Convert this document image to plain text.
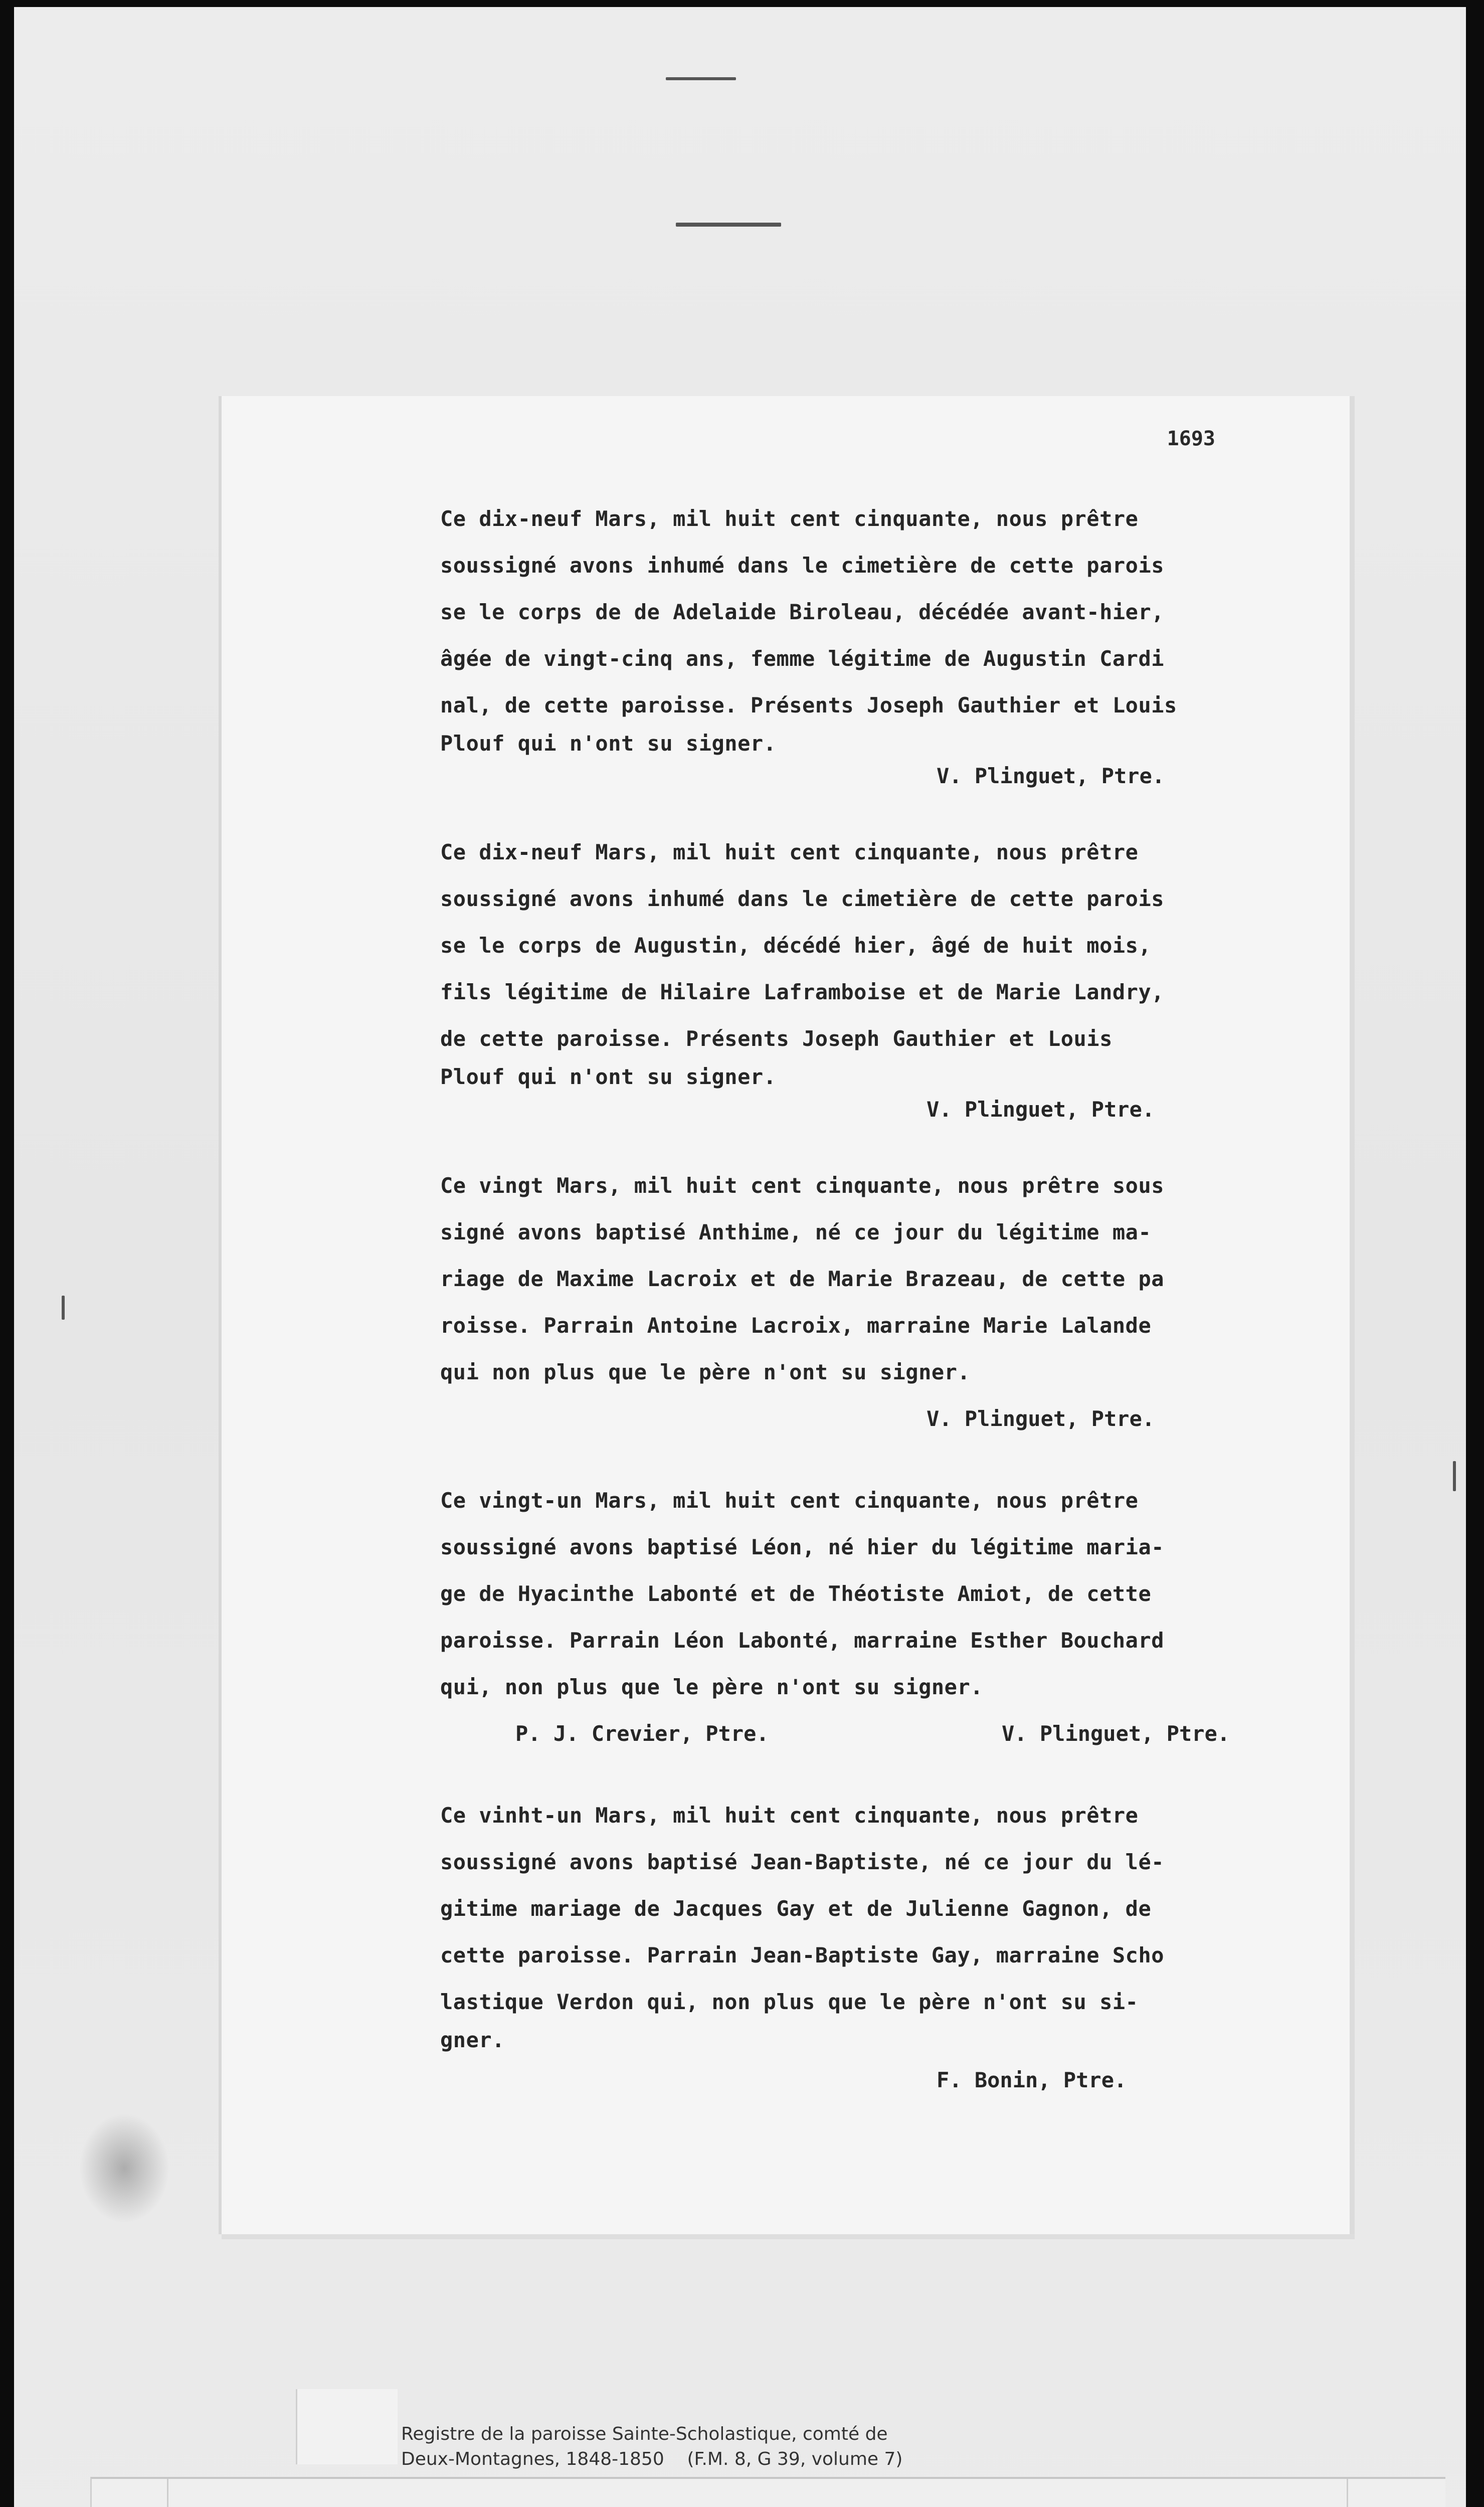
1693
Ce dix-neuf Mars, mil huit cent cinquante, nous prêtre
soussigné avons inhumé dans le cimetière de cette parois
se le corps de de Adelaide Biroleau, décédée avant-hier,
âgée de vingt-cinq ans, femme légitime de Augustin Cardi
nal, de cette paroisse. Présents Joseph Gauthier et Louis
Plouf qui n'ont su signer.
V. Plinguet, Ptre.
Ce dix-neuf Mars, mil huit cent cinquante, nous prêtre
soussigné avons inhumé dans le cimetière de cette parois
se le corps de Augustin, décédé hier, âgé de huit mois,
fils légitime de Hilaire Laframboise et de Marie Landry,
de cette paroisse. Présents Joseph Gauthier et Louis
Plouf qui n'ont su signer.
V. Plinguet, Ptre.
Ce vingt Mars, mil huit cent cinquante, nous prêtre sous
signé avons baptisé Anthime, né ce jour du légitime ma-
riage de Maxime Lacroix et de Marie Brazeau, de cette pa
roisse. Parrain Antoine Lacroix, marraine Marie Lalande
qui non plus que le père n'ont su signer.
V. Plinguet, Ptre.
Ce vingt-un Mars, mil huit cent cinquante, nous prêtre
soussigné avons baptisé Léon, né hier du légitime maria-
ge de Hyacinthe Labonté et de Théotiste Amiot, de cette
paroisse. Parrain Léon Labonté, marraine Esther Bouchard
qui, non plus que le père n'ont su signer.
P. J. Crevier, Ptre.	V. Plinguet, Ptre.
Ce vinht-un Mars, mil huit cent cinquante, nous prêtre
soussigné avons baptisé Jean-Baptiste, né ce jour du lé-
gitime mariage de Jacques Gay et de Julienne Gagnon, de
cette paroisse. Parrain Jean-Baptiste Gay, marraine Scho
lastique Verdon qui, non plus que le père n'ont su si-
gner.
F. Bonin, Ptre.
Registre de la paroisse Sainte-Scholastique, comté de
Deux-Montagnes, 1848-1850    (F.M. 8, G 39, volume 7)
